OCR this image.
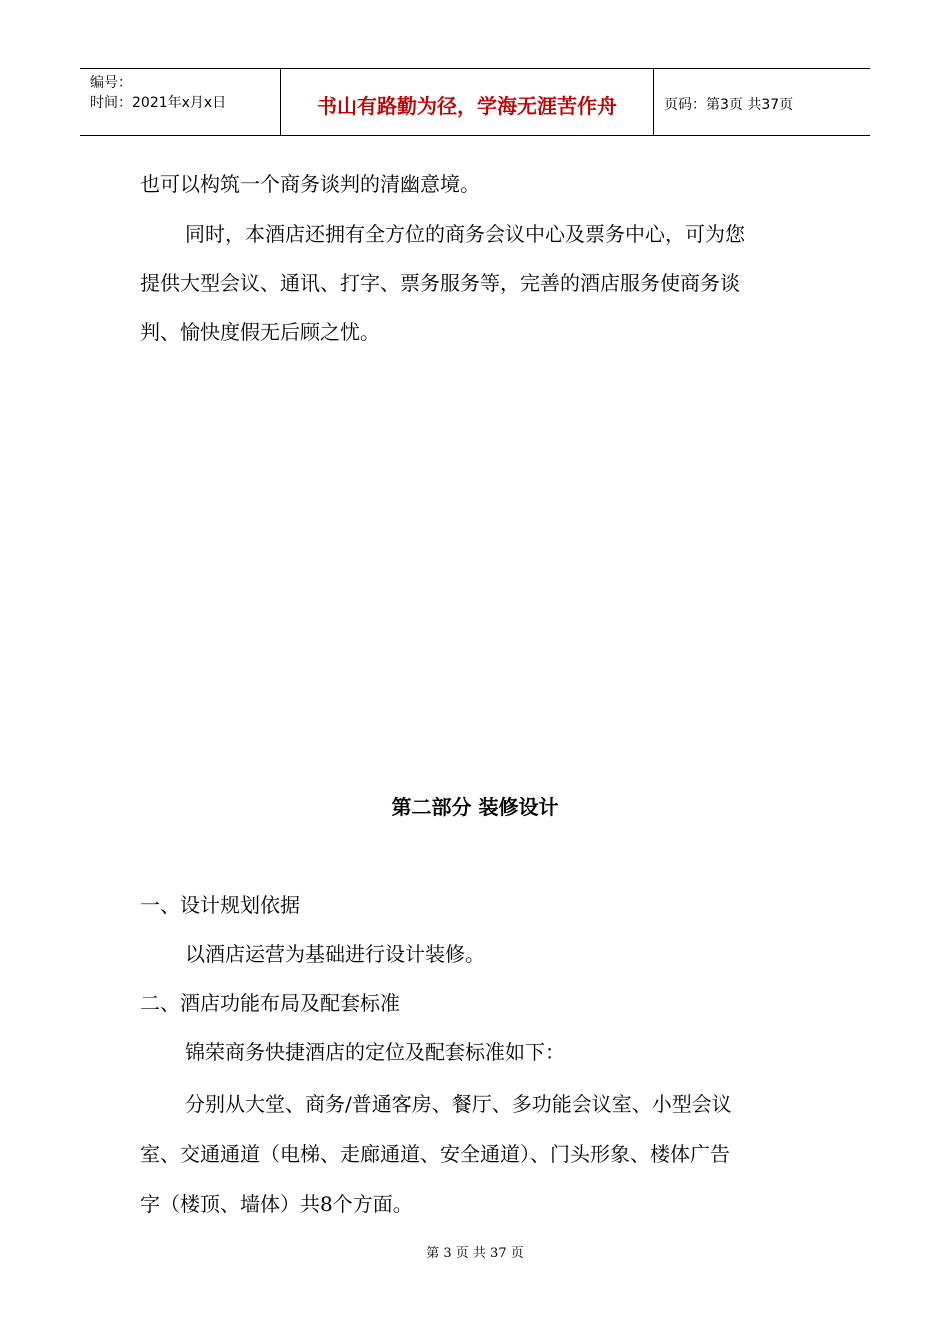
编号：
时间：2021年x月x日	书山有路勤为径，学海无涯苦作舟	页码：第3页 共37页

也可以构筑一个商务谈判的清幽意境。

同时，本酒店还拥有全方位的商务会议中心及票务中心，可为您

提供大型会议、通讯、打字、票务服务等，完善的酒店服务使商务谈

判、愉快度假无后顾之忧。

第二部分 装修设计

一、设计规划依据

以酒店运营为基础进行设计装修。

二、酒店功能布局及配套标准

锦荣商务快捷酒店的定位及配套标准如下：

分别从大堂、商务/普通客房、餐厅、多功能会议室、小型会议

室、交通通道（电梯、走廊通道、安全通道）、门头形象、楼体广告

字（楼顶、墙体）共8个方面。

第 3 页 共 37 页
